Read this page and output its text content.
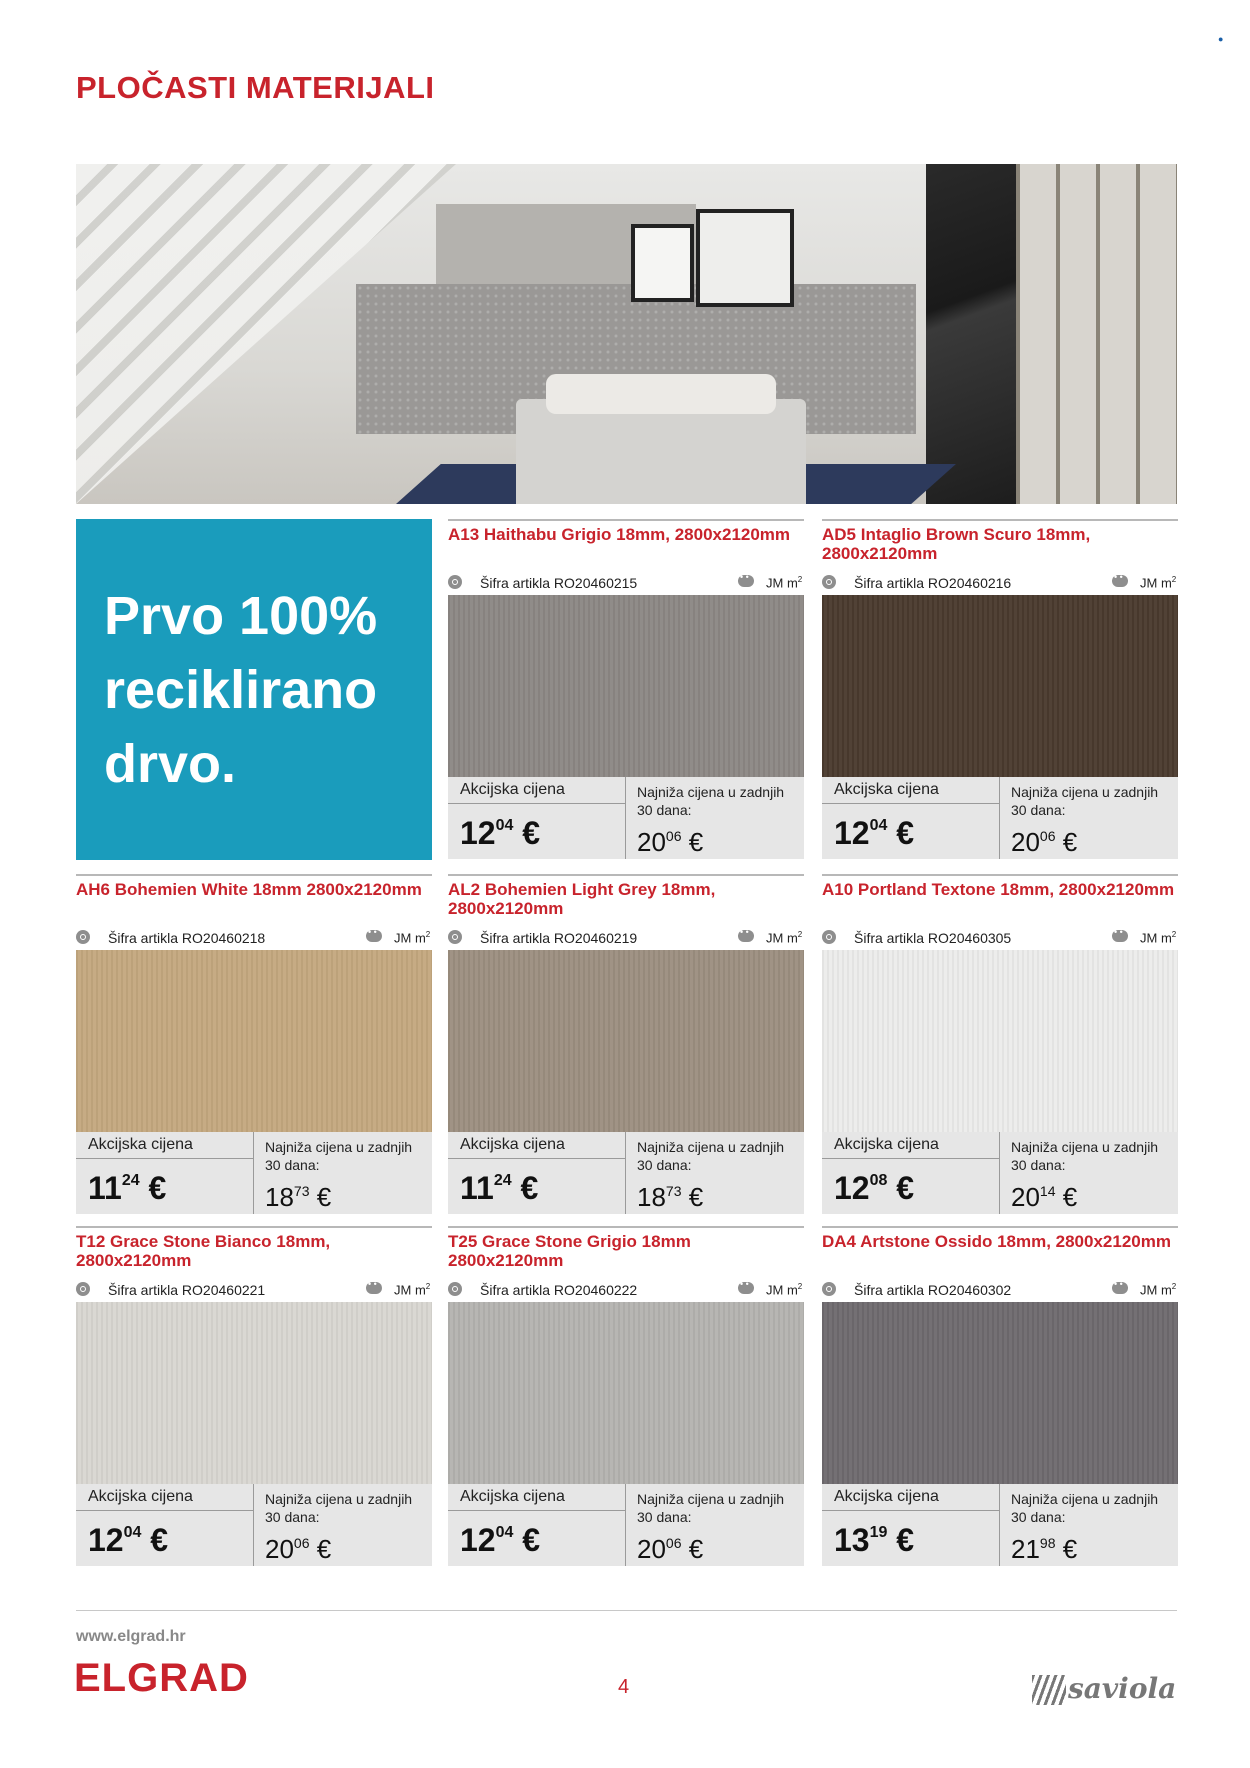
PLOČASTI MATERIJALI
●

Prvo 100% reciklirano drvo.

A13 Haithabu Grigio 18mm, 2800x2120mm
Šifra artikla RO20460215 • •	JM $m^2$
Akcijska cijena
$12^{04}$ €
Najniža cijena u zadnjih 30 dana:
$20^{06}$ €
AD5 Intaglio Brown Scuro 18mm, 2800x2120mm
Šifra artikla RO20460216 • •	JM $m^2$
Akcijska cijena
$12^{04}$ €
Najniža cijena u zadnjih 30 dana:
$20^{06}$ €
AH6 Bohemien White 18mm 2800x2120mm
Šifra artikla RO20460218 • •	JM $m^2$
Akcijska cijena
$11^{24}$ €
Najniža cijena u zadnjih 30 dana:
$18^{73}$ €
AL2 Bohemien Light Grey 18mm, 2800x2120mm
Šifra artikla RO20460219 • •	JM $m^2$
Akcijska cijena
$11^{24}$ €
Najniža cijena u zadnjih 30 dana:
$18^{73}$ €
A10 Portland Textone 18mm, 2800x2120mm
Šifra artikla RO20460305 • •	JM $m^2$
Akcijska cijena
$12^{08}$ €
Najniža cijena u zadnjih 30 dana:
$20^{14}$ €
T12 Grace Stone Bianco 18mm, 2800x2120mm
Šifra artikla RO20460221 • •	JM $m^2$
Akcijska cijena
$12^{04}$ €
Najniža cijena u zadnjih 30 dana:
$20^{06}$ €
T25 Grace Stone Grigio 18mm 2800x2120mm
Šifra artikla RO20460222 • •	JM $m^2$
Akcijska cijena
$12^{04}$ €
Najniža cijena u zadnjih 30 dana:
$20^{06}$ €
DA4 Artstone Ossido 18mm, 2800x2120mm
Šifra artikla RO20460302 • •	JM $m^2$
Akcijska cijena
$13^{19}$ €
Najniža cijena u zadnjih 30 dana:
$21^{98}$ €
www.elgrad.hr
ELGRAD	4	saviola
